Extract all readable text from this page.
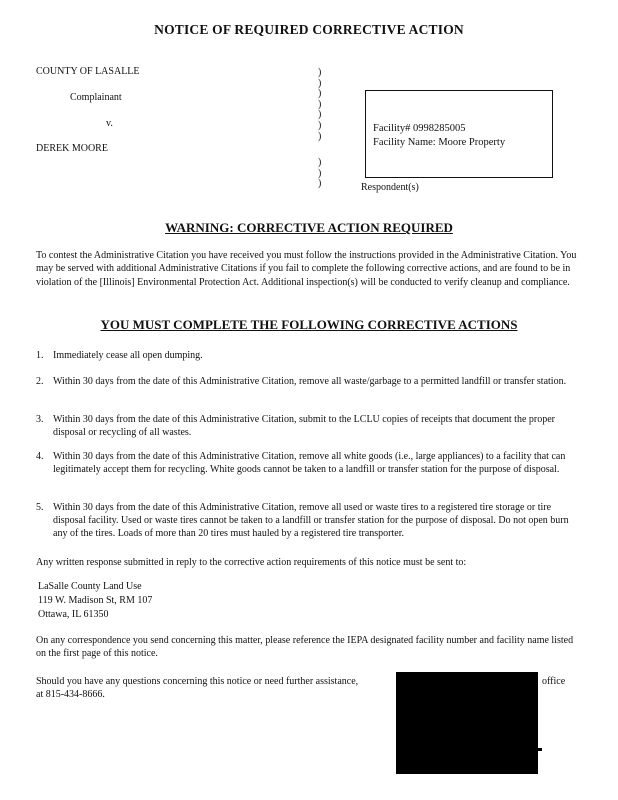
NOTICE OF REQUIRED CORRECTIVE ACTION
COUNTY OF LASALLE
Complainant
v.
DEREK MOORE
)
)
)
)
)
)
)
)
)
)
Facility# 0998285005
Facility Name: Moore Property
Respondent(s)
WARNING: CORRECTIVE ACTION REQUIRED
To contest the Administrative Citation you have received you must follow the instructions provided in the Administrative Citation. You may be served with additional Administrative Citations if you fail to complete the following corrective actions, and are found to be in violation of the [Illinois] Environmental Protection Act. Additional inspection(s) will be conducted to verify cleanup and compliance.
YOU MUST COMPLETE THE FOLLOWING CORRECTIVE ACTIONS
1. Immediately cease all open dumping.
2. Within 30 days from the date of this Administrative Citation, remove all waste/garbage to a permitted landfill or transfer station.
3. Within 30 days from the date of this Administrative Citation, submit to the LCLU copies of receipts that document the proper disposal or recycling of all wastes.
4. Within 30 days from the date of this Administrative Citation, remove all white goods (i.e., large appliances) to a facility that can legitimately accept them for recycling. White goods cannot be taken to a landfill or transfer station for the purpose of disposal.
5. Within 30 days from the date of this Administrative Citation, remove all used or waste tires to a registered tire storage or tire disposal facility. Used or waste tires cannot be taken to a landfill or transfer station for the purpose of disposal. Do not open burn any of the tires. Loads of more than 20 tires must hauled by a registered tire transporter.
Any written response submitted in reply to the corrective action requirements of this notice must be sent to:
LaSalle County Land Use
119 W. Madison St, RM 107
Ottawa, IL 61350
On any correspondence you send concerning this matter, please reference the IEPA designated facility number and facility name listed on the first page of this notice.
Should you have any questions concerning this notice or need further assistance,	office
at 815-434-8666.
